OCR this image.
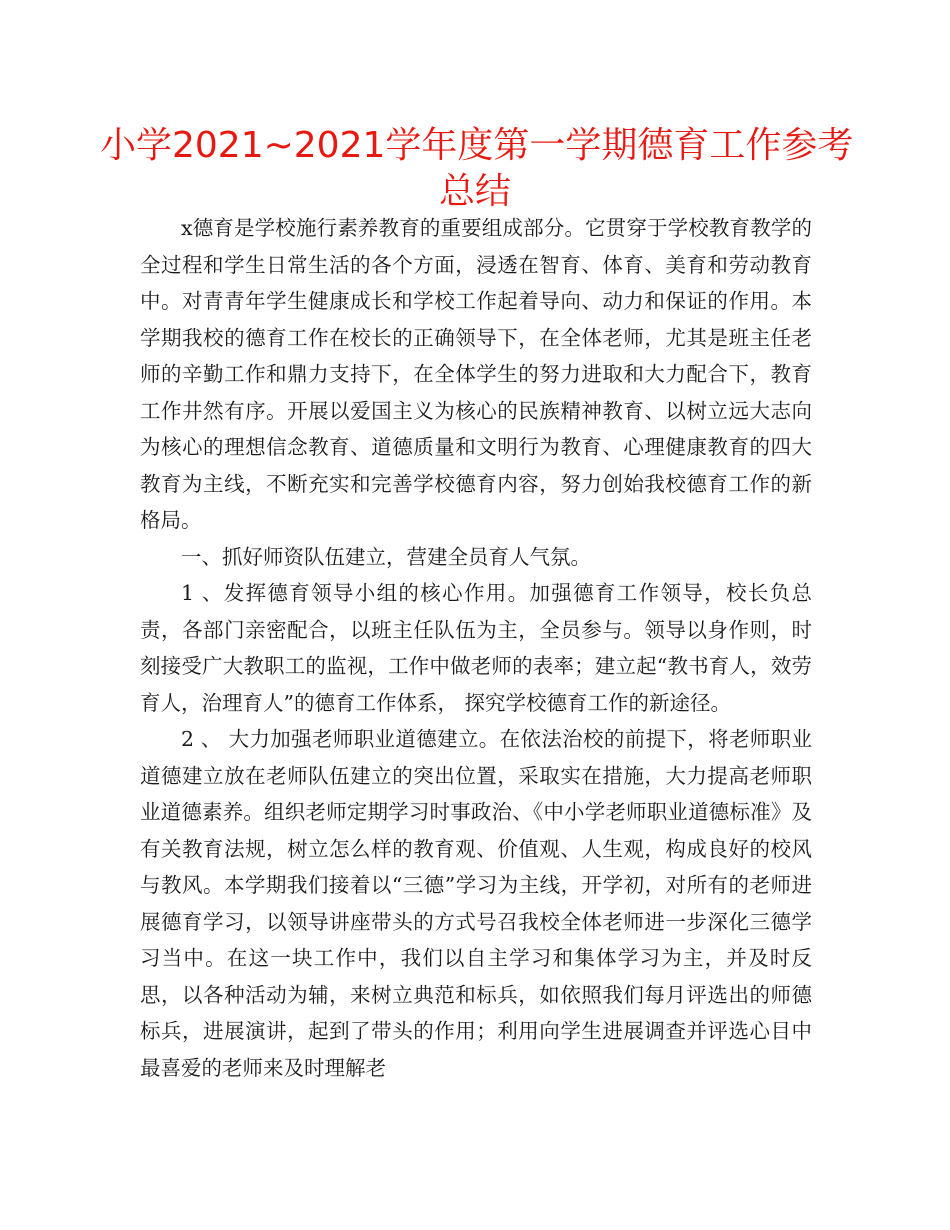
小学2021~2021学年度第一学期德育工作参考
总结

x德育是学校施行素养教育的重要组成部分。它贯穿于学校教育教学的全过程和学生日常生活的各个方面，浸透在智育、体育、美育和劳动教育中。对青青年学生健康成长和学校工作起着导向、动力和保证的作用。本学期我校的德育工作在校长的正确领导下，在全体老师，尤其是班主任老师的辛勤工作和鼎力支持下，在全体学生的努力进取和大力配合下，教育工作井然有序。开展以爱国主义为核心的民族精神教育、以树立远大志向为核心的理想信念教育、道德质量和文明行为教育、心理健康教育的四大教育为主线，不断充实和完善学校德育内容，努力创始我校德育工作的新格局。

一、抓好师资队伍建立，营建全员育人气氛。

1 、发挥德育领导小组的核心作用。加强德育工作领导，校长负总责，各部门亲密配合，以班主任队伍为主，全员参与。领导以身作则，时刻接受广大教职工的监视，工作中做老师的表率；建立起“教书育人，效劳育人，治理育人”的德育工作体系， 探究学校德育工作的新途径。

2 、 大力加强老师职业道德建立。在依法治校的前提下，将老师职业道德建立放在老师队伍建立的突出位置，采取实在措施，大力提高老师职业道德素养。组织老师定期学习时事政治、《中小学老师职业道德标准》及有关教育法规，树立怎么样的教育观、价值观、人生观，构成良好的校风与教风。本学期我们接着以“三德”学习为主线，开学初，对所有的老师进展德育学习，以领导讲座带头的方式号召我校全体老师进一步深化三德学习当中。在这一块工作中，我们以自主学习和集体学习为主，并及时反思，以各种活动为辅，来树立典范和标兵，如依照我们每月评选出的师德标兵，进展演讲，起到了带头的作用；利用向学生进展调查并评选心目中最喜爱的老师来及时理解老
